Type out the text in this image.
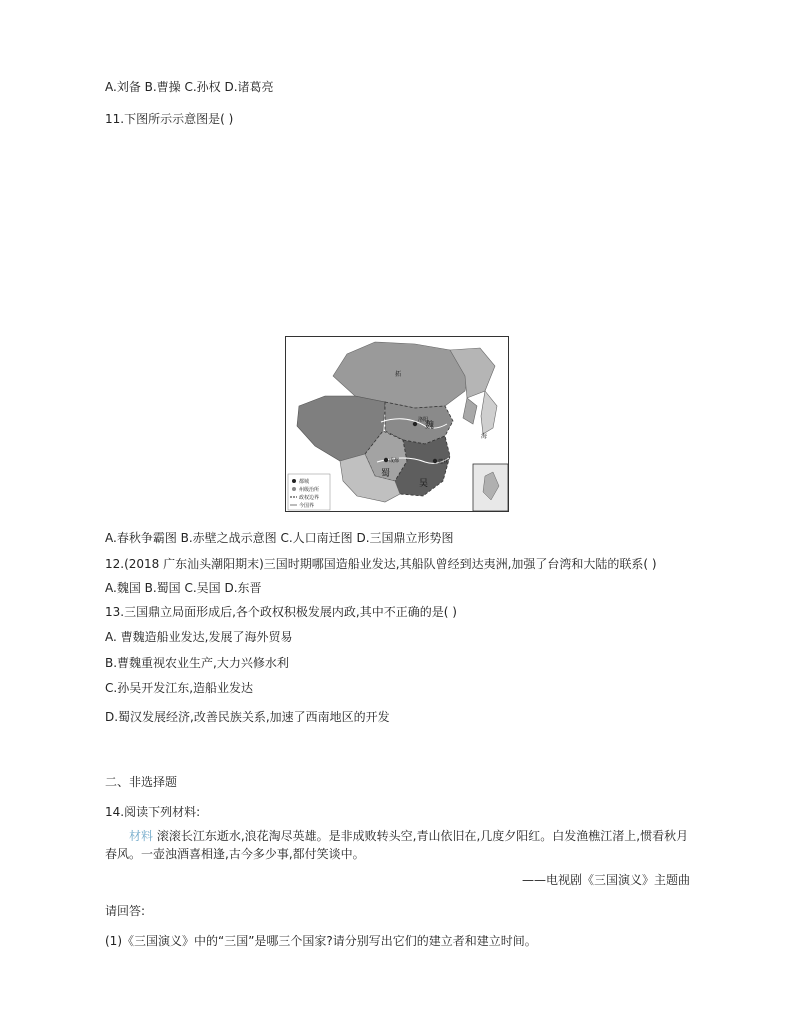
A.刘备 B.曹操 C.孙权 D.诸葛亮
11.下图所示示意图是( )
魏
蜀
吴
海
拓
成都	建业
洛阳
都城
州级治所
政权边界
今国界
A.春秋争霸图 B.赤壁之战示意图 C.人口南迁图 D.三国鼎立形势图
12.(2018 广东汕头潮阳期末)三国时期哪国造船业发达,其船队曾经到达夷洲,加强了台湾和大陆的联系( )
A.魏国 B.蜀国 C.吴国 D.东晋
13.三国鼎立局面形成后,各个政权积极发展内政,其中不正确的是( )
A. 曹魏造船业发达,发展了海外贸易
B.曹魏重视农业生产,大力兴修水利
C.孙吴开发江东,造船业发达
D.蜀汉发展经济,改善民族关系,加速了西南地区的开发
二、非选择题
14.阅读下列材料:
材料 滚滚长江东逝水,浪花淘尽英雄。是非成败转头空,青山依旧在,几度夕阳红。白发渔樵江渚上,惯看秋月春风。一壶浊酒喜相逢,古今多少事,都付笑谈中。
——电视剧《三国演义》主题曲
请回答:
(1)《三国演义》中的“三国”是哪三个国家?请分别写出它们的建立者和建立时间。
